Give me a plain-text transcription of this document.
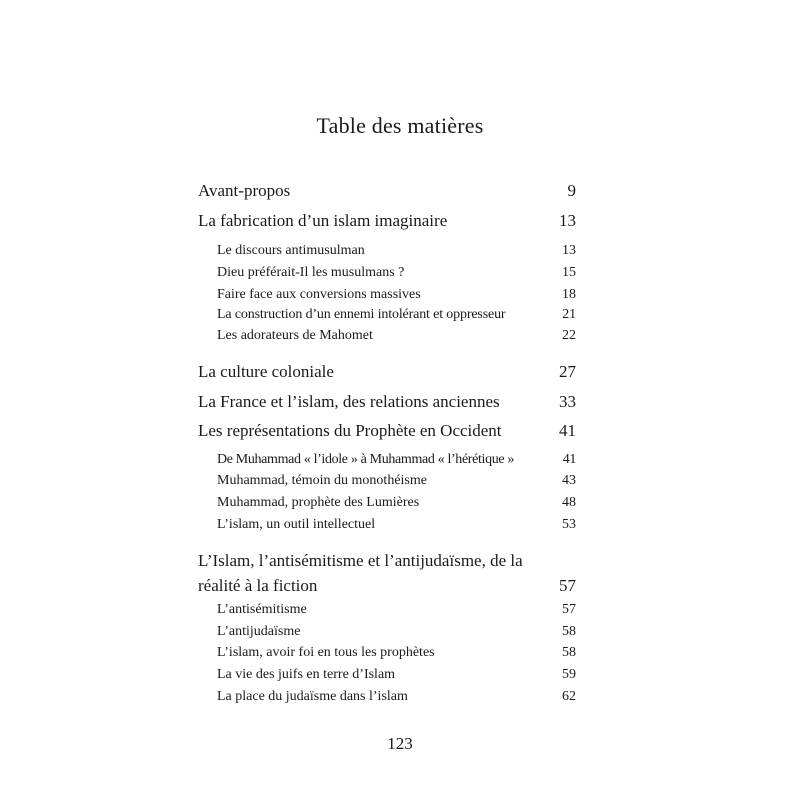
Table des matières
Avant-propos	9
La fabrication d’un islam imaginaire	13
Le discours antimusulman	13
Dieu préférait-Il les musulmans ?	15
Faire face aux conversions massives	18
La construction d’un ennemi intolérant et oppresseur	21
Les adorateurs de Mahomet	22
La culture coloniale	27
La France et l’islam, des relations anciennes	33
Les représentations du Prophète en Occident	41
De Muhammad « l’idole » à Muhammad « l’hérétique »	41
Muhammad, témoin du monothéisme	43
Muhammad, prophète des Lumières	48
L’islam, un outil intellectuel	53
L’Islam, l’antisémitisme et l’antijudaïsme, de la
réalité à la fiction	57
L’antisémitisme	57
L’antijudaïsme	58
L’islam, avoir foi en tous les prophètes	58
La vie des juifs en terre d’Islam	59
La place du judaïsme dans l’islam	62
123
